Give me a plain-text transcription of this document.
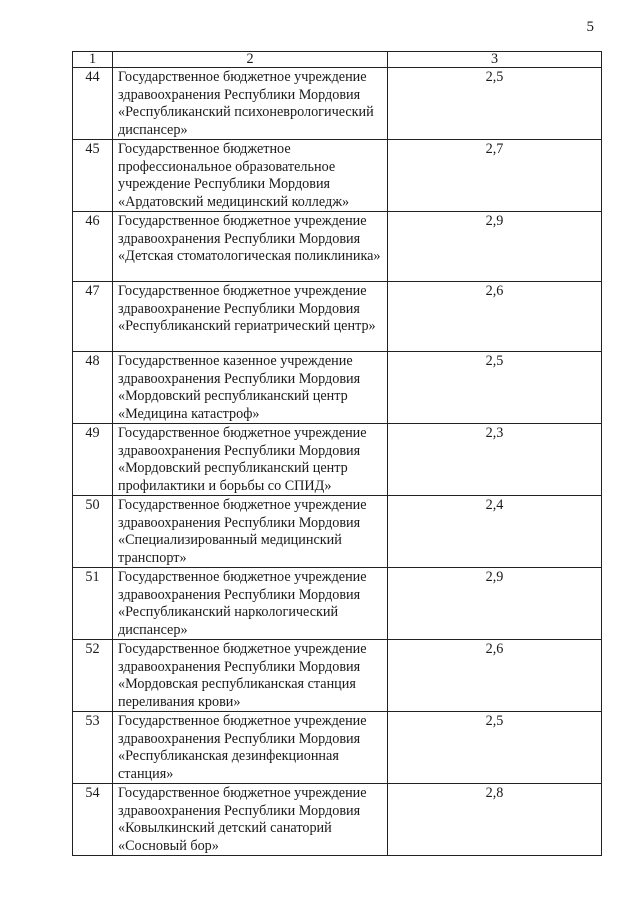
5
1	2	3
44	Государственное бюджетное учреждение здравоохранения Республики Мордовия «Республиканский психоневрологический диспансер»	2,5
45	Государственное бюджетное профессиональное образовательное учреждение Республики Мордовия «Ардатовский медицинский колледж»	2,7
46	Государственное бюджетное учреждение здравоохранения Республики Мордовия «Детская стоматологическая поликлиника»	2,9
47	Государственное бюджетное учреждение здравоохранение Республики Мордовия «Республиканский гериатрический центр»	2,6
48	Государственное казенное учреждение здравоохранения Республики Мордовия «Мордовский республиканский центр «Медицина катастроф»	2,5
49	Государственное бюджетное учреждение здравоохранения Республики Мордовия «Мордовский республиканский центр профилактики и борьбы со СПИД»	2,3
50	Государственное бюджетное учреждение здравоохранения Республики Мордовия «Специализированный медицинский транспорт»	2,4
51	Государственное бюджетное учреждение здравоохранения Республики Мордовия «Республиканский наркологический диспансер»	2,9
52	Государственное бюджетное учреждение здравоохранения Республики Мордовия «Мордовская республиканская станция переливания крови»	2,6
53	Государственное бюджетное учреждение здравоохранения Республики Мордовия «Республиканская дезинфекционная станция»	2,5
54	Государственное бюджетное учреждение здравоохранения Республики Мордовия «Ковылкинский детский санаторий «Сосновый бор»	2,8
